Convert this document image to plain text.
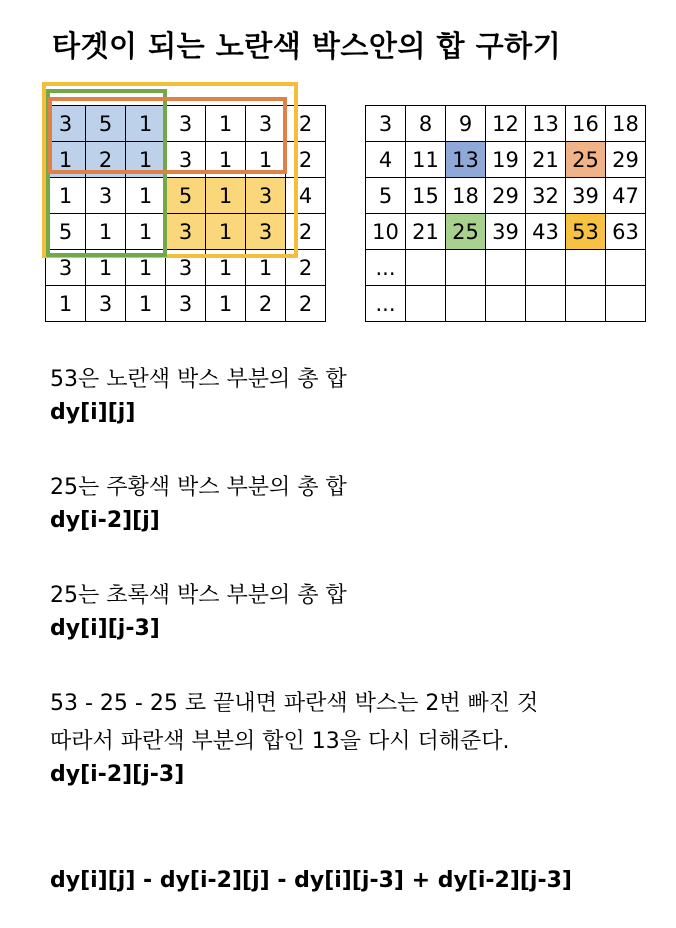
타겟이 되는 노란색 박스안의 합 구하기
3	5	1	3	1	3	2
1	2	1	3	1	1	2
1	3	1	5	1	3	4
5	1	1	3	1	3	2
3	1	1	3	1	1	2
1	3	1	3	1	2	2
3	8	9	12	13	16	18
4	11	13	19	21	25	29
5	15	18	29	32	39	47
10	21	25	39	43	53	63
...						
...						
53은 노란색 박스 부분의 총 합
dy[i][j]
25는 주황색 박스 부분의 총 합
dy[i-2][j]
25는 초록색 박스 부분의 총 합
dy[i][j-3]
53 - 25 - 25 로 끝내면 파란색 박스는 2번 빠진 것
따라서 파란색 부분의 합인 13을 다시 더해준다.
dy[i-2][j-3]
dy[i][j] - dy[i-2][j] - dy[i][j-3] + dy[i-2][j-3]
